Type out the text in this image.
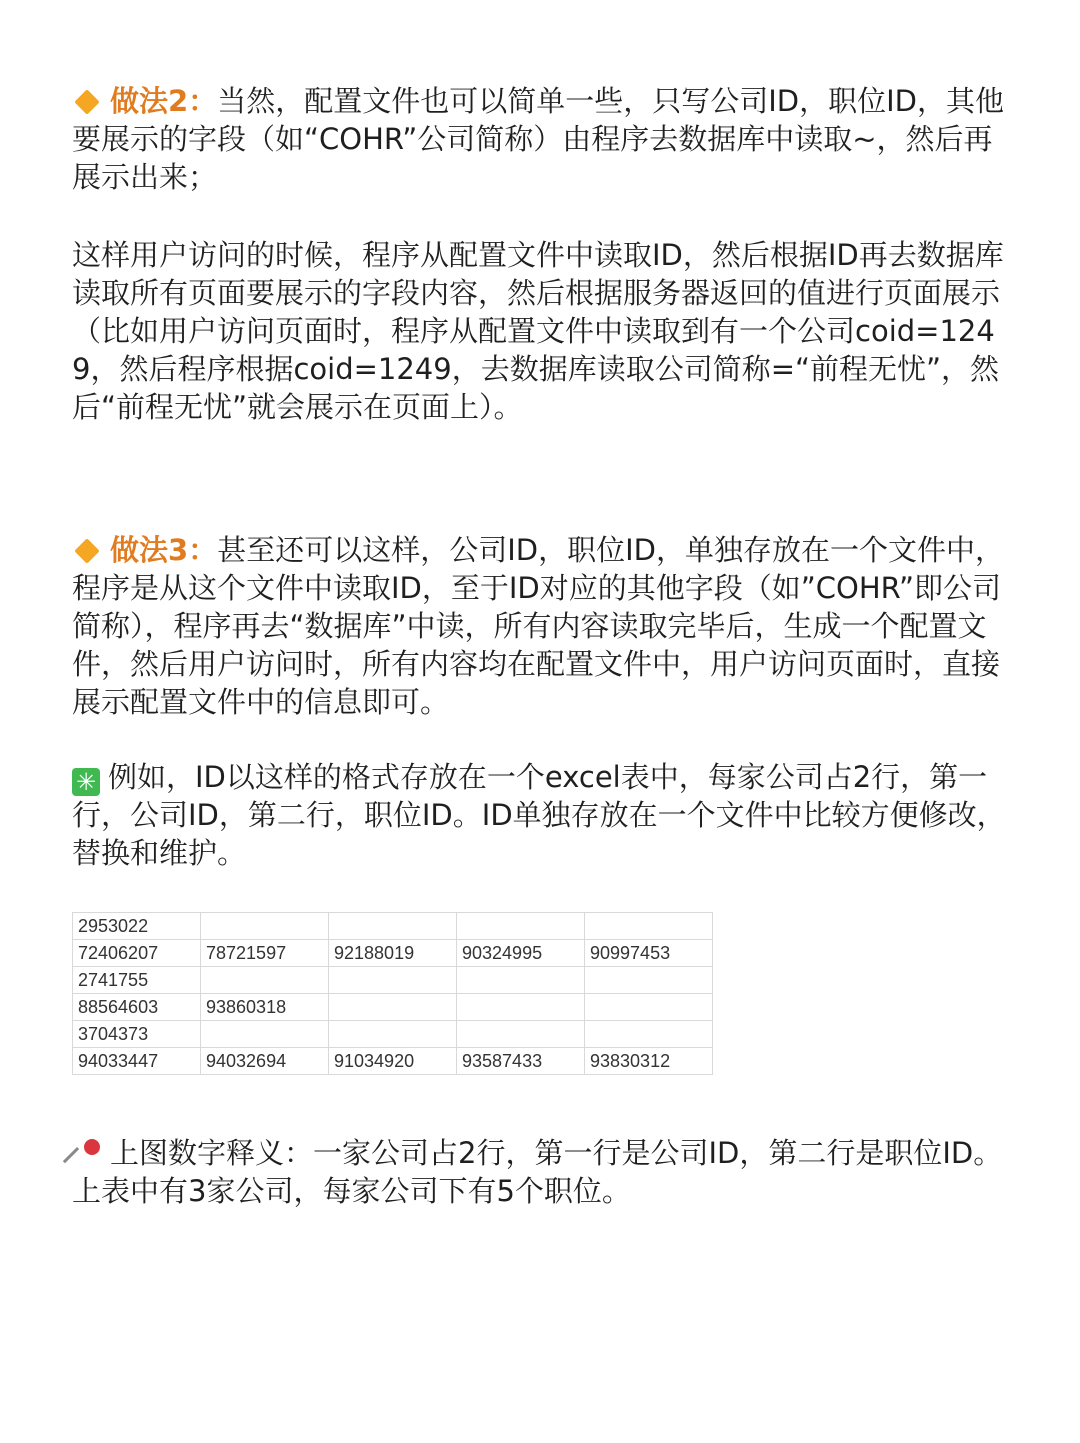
做法2：当然，配置文件也可以简单一些，只写公司ID，职位ID，其他要展示的字段（如“COHR”公司简称）由程序去数据库中读取~，然后再展示出来；

这样用户访问的时候，程序从配置文件中读取ID，然后根据ID再去数据库读取所有页面要展示的字段内容，然后根据服务器返回的值进行页面展示（比如用户访问页面时，程序从配置文件中读取到有一个公司coid=1249，然后程序根据coid=1249，去数据库读取公司简称=“前程无忧”，然后“前程无忧”就会展示在页面上）。

做法3：甚至还可以这样，公司ID，职位ID，单独存放在一个文件中，程序是从这个文件中读取ID，至于ID对应的其他字段（如”COHR”即公司简称），程序再去“数据库”中读，所有内容读取完毕后，生成一个配置文件，然后用户访问时，所有内容均在配置文件中，用户访问页面时，直接展示配置文件中的信息即可。

✳ 例如，ID以这样的格式存放在一个excel表中，每家公司占2行，第一行，公司ID，第二行，职位ID。ID单独存放在一个文件中比较方便修改，替换和维护。

上图数字释义：一家公司占2行，第一行是公司ID，第二行是职位ID。上表中有3家公司，每家公司下有5个职位。

2953022				
72406207	78721597	92188019	90324995	90997453
2741755				
88564603	93860318			
3704373				
94033447	94032694	91034920	93587433	93830312
